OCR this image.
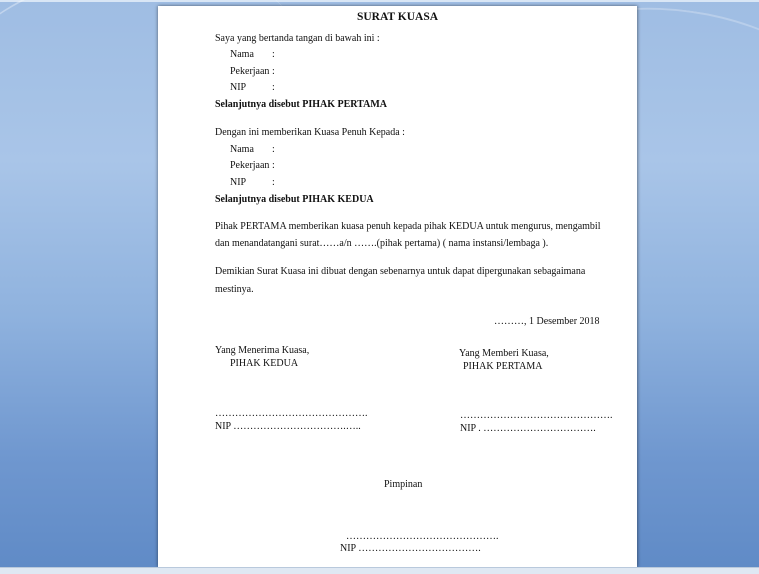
SURAT KUASA
Saya yang bertanda tangan di bawah ini :
Nama :
Pekerjaan :
NIP	:
Selanjutnya disebut PIHAK PERTAMA
Dengan ini memberikan Kuasa Penuh Kepada :
Nama :
Pekerjaan :
NIP	:
Selanjutnya disebut PIHAK KEDUA
Pihak PERTAMA memberikan kuasa penuh kepada pihak KEDUA untuk mengurus, mengambil
dan menandatangani surat……a/n …….(pihak pertama) ( nama instansi/lembaga ).
Demikian Surat Kuasa ini dibuat dengan sebenarnya untuk dapat dipergunakan sebagaimana
mestinya.
………, 1 Desember 2018
Yang Menerima Kuasa,
PIHAK KEDUA
Yang Memberi Kuasa,
PIHAK PERTAMA
……………………………………….
NIP …………………………….…..
……………………………………….
NIP . …………………………….
Pimpinan
……………………………………….
NIP ……………………………….
